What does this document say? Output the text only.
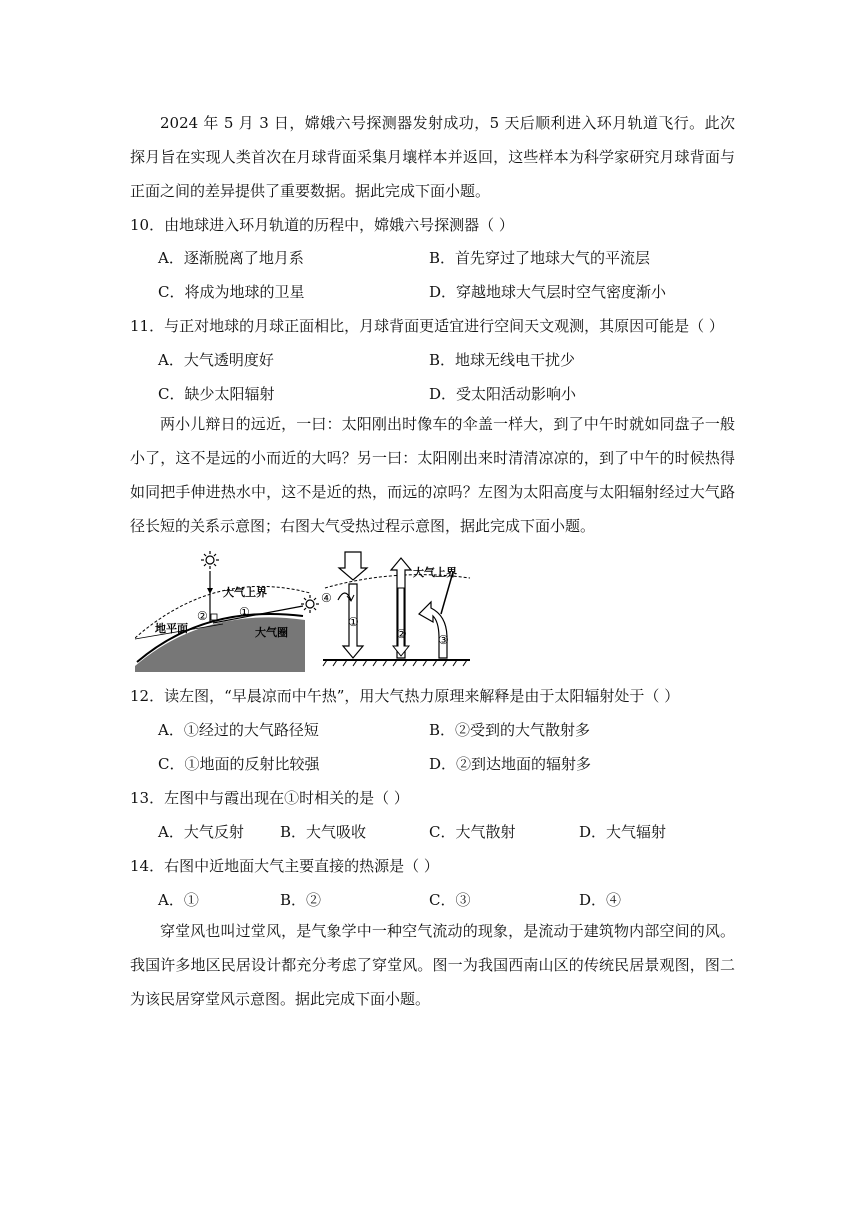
2024 年 5 月 3 日，嫦娥六号探测器发射成功，5 天后顺利进入环月轨道飞行。此次探月旨在实现人类首次在月球背面采集月壤样本并返回，这些样本为科学家研究月球背面与正面之间的差异提供了重要数据。据此完成下面小题。
10．由地球进入环月轨道的历程中，嫦娥六号探测器（ ）
A．逐渐脱离了地月系	B．首先穿过了地球大气的平流层
C．将成为地球的卫星	D．穿越地球大气层时空气密度渐小
11．与正对地球的月球正面相比，月球背面更适宜进行空间天文观测，其原因可能是（ ）
A．大气透明度好	B．地球无线电干扰少
C．缺少太阳辐射	D．受太阳活动影响小
两小儿辩日的远近，一曰：太阳刚出时像车的伞盖一样大，到了中午时就如同盘子一般小了，这不是远的小而近的大吗？另一曰：太阳刚出来时清清凉凉的，到了中午的时候热得如同把手伸进热水中，这不是近的热，而远的凉吗？左图为太阳高度与太阳辐射经过大气路径长短的关系示意图；右图大气受热过程示意图，据此完成下面小题。
大气上界
②	①
地平面	大气圈
①
②	③
大气上界
④
12．读左图，“早晨凉而中午热”，用大气热力原理来解释是由于太阳辐射处于（ ）
A．①经过的大气路径短	B．②受到的大气散射多
C．①地面的反射比较强	D．②到达地面的辐射多
13．左图中与霞出现在①时相关的是（ ）
A．大气反射 B．大气吸收	C．大气散射	D．大气辐射
14．右图中近地面大气主要直接的热源是（ ）
A．①	B．②	C．③	D．④
穿堂风也叫过堂风，是气象学中一种空气流动的现象，是流动于建筑物内部空间的风。我国许多地区民居设计都充分考虑了穿堂风。图一为我国西南山区的传统民居景观图，图二为该民居穿堂风示意图。据此完成下面小题。
